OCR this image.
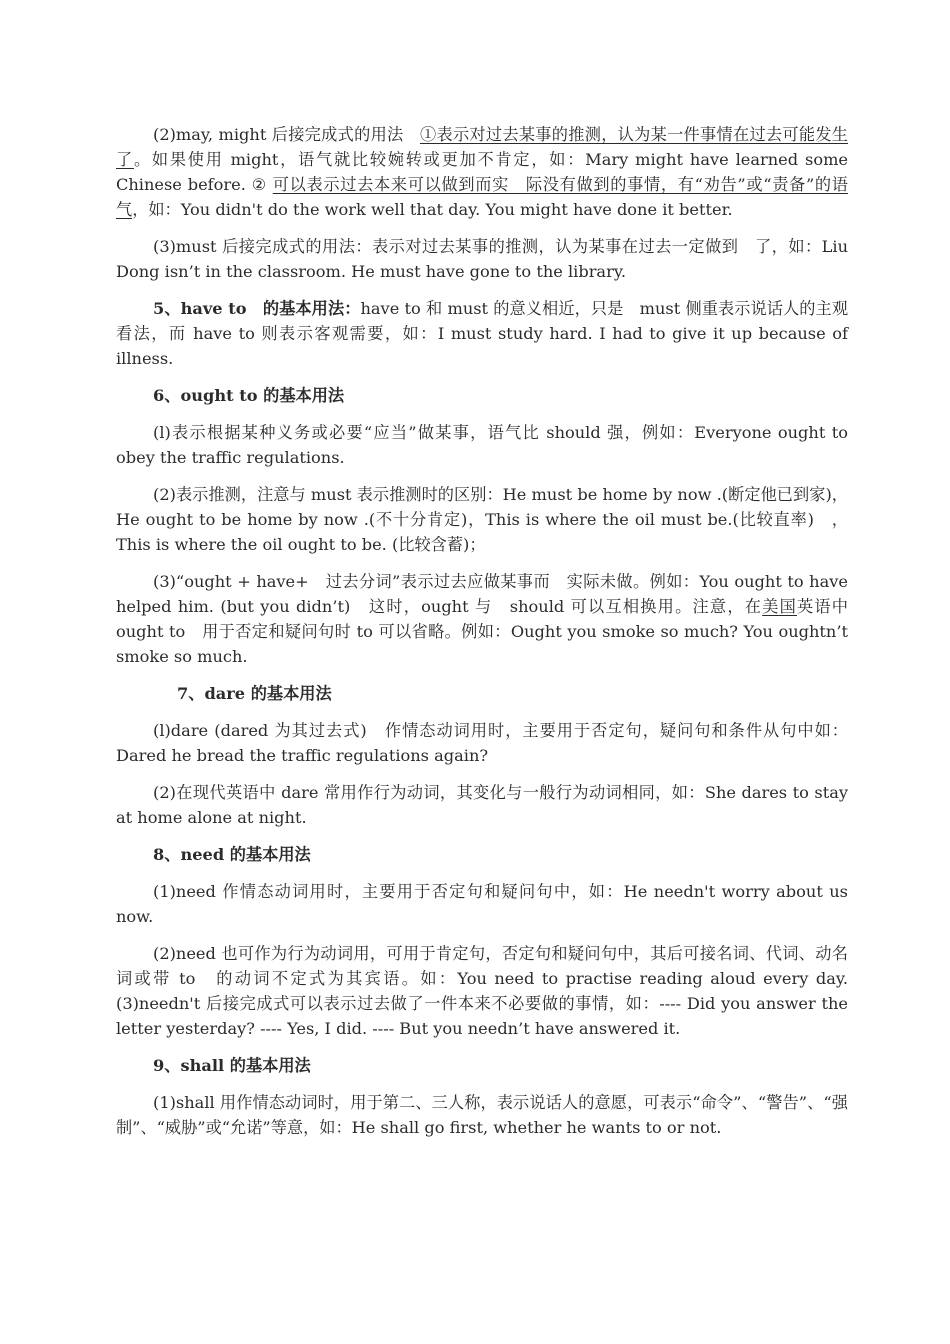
(2)may, might 后接完成式的用法　①表示对过去某事的推测，认为某一件事情在过去可能发生了。如果使用 might，语气就比较婉转或更加不肯定，如：Mary might have learned some Chinese before. ② 可以表示过去本来可以做到而实　际没有做到的事情，有“劝告”或“责备”的语气，如：You didn't do the work well that day. You might have done it better.

(3)must 后接完成式的用法：表示对过去某事的推测，认为某事在过去一定做到　了，如：Liu Dong isn’t in the classroom. He must have gone to the library.

5、have to　的基本用法：have to 和 must 的意义相近，只是　must 侧重表示说话人的主观看法，而 have to 则表示客观需要，如：I must study hard. I had to give it up because of illness.

6、ought to 的基本用法

(l)表示根据某种义务或必要“应当”做某事，语气比 should 强，例如：Everyone ought to obey the traffic regulations.

(2)表示推测，注意与 must 表示推测时的区别：He must be home by now .(断定他已到家)，He ought to be home by now .(不十分肯定)，This is where the oil must be.(比较直率)　，This is where the oil ought to be. (比较含蓄)；

(3)“ought + have+　过去分词”表示过去应做某事而　实际未做。例如：You ought to have helped him. (but you didn’t)　这时，ought 与　should 可以互相换用。注意，在美国英语中 ought to　用于否定和疑问句时 to 可以省略。例如：Ought you smoke so much? You oughtn’t smoke so much.

7、dare 的基本用法

(l)dare (dared 为其过去式)　作情态动词用时，主要用于否定句，疑问句和条件从句中如：Dared he bread the traffic regulations again?

(2)在现代英语中 dare 常用作行为动词，其变化与一般行为动词相同，如：She dares to stay at home alone at night.

8、need 的基本用法

(1)need 作情态动词用时，主要用于否定句和疑问句中，如：He needn't worry about us now.

(2)need 也可作为行为动词用，可用于肯定句，否定句和疑问句中，其后可接名词、代词、动名词或带 to　的动词不定式为其宾语。如：You need to practise reading aloud every day. (3)needn't 后接完成式可以表示过去做了一件本来不必要做的事情，如：---- Did you answer the letter yesterday? ---- Yes, I did. ---- But you needn’t have answered it.

9、shall 的基本用法

(1)shall 用作情态动词时，用于第二、三人称，表示说话人的意愿，可表示“命令”、“警告”、“强制”、“威胁”或“允诺”等意，如：He shall go first, whether he wants to or not.
